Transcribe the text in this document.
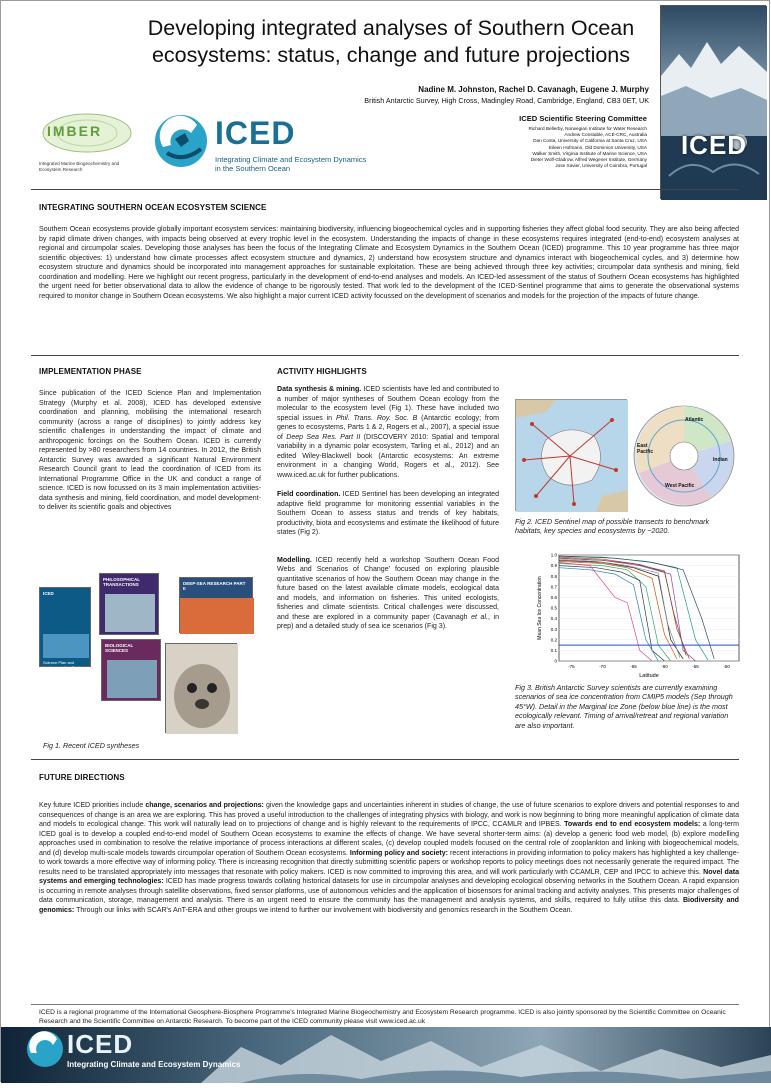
Developing integrated analyses of Southern Ocean
ecosystems: status, change and future projections
Nadine M. Johnston, Rachel D. Cavanagh, Eugene J. Murphy
British Antarctic Survey, High Cross, Madingley Road, Cambridge, England, CB3 0ET, UK
ICED
IMBER
Integrated Marine Biogeochemistry and
Ecosystem Research
ICED
Integrating Climate and Ecosystem Dynamics
in the Southern Ocean
ICED Scientific Steering Committee
Richard Bellerby, Norwegian Institute for Water Research
Andrew Constable, ACE-CRC, Australia
Dan Costa, University of California at Santa Cruz, USA
Eileen Hofmann, Old Dominion University, USA
Walker Smith, Virginia Institute of Marine Science, USA
Dieter Wolf-Gladrow, Alfred Wegener Institute, Germany
Jose Xavier, University of Coimbra, Portugal
INTEGRATING SOUTHERN OCEAN ECOSYSTEM SCIENCE
Southern Ocean ecosystems provide globally important ecosystem services: maintaining biodiversity, influencing biogeochemical cycles and in supporting fisheries they affect global food security. They are also being affected by rapid climate driven changes, with impacts being observed at every trophic level in the ecosystem. Understanding the impacts of change in these ecosystems requires integrated (end-to-end) ecosystem analyses at regional and circumpolar scales. Developing those analyses has been the focus of the Integrating Climate and Ecosystem Dynamics in the Southern Ocean (ICED) programme. This 10 year programme has three major scientific objectives: 1) understand how climate processes affect ecosystem structure and dynamics, 2) understand how ecosystem structure and dynamics interact with biogeochemical cycles, and 3) determine how ecosystem structure and dynamics should be incorporated into management approaches for sustainable exploitation. These are being achieved through three key activities; circumpolar data synthesis and mining, field coordination and modelling. Here we highlight our recent progress, particularly in the development of end-to-end analyses and models. An ICED-led assessment of the status of Southern Ocean ecosystems has highlighted the urgent need for better observational data to allow the evidence of change to be rigorously tested. That work led to the development of the ICED-Sentinel programme that aims to generate the observational systems required to monitor change in Southern Ocean ecosystems. We also highlight a major current ICED activity focussed on the development of scenarios and models for the projection of the impacts of future change.
IMPLEMENTATION PHASE
Since publication of the ICED Science Plan and Implementation Strategy (Murphy et al. 2008), ICED has developed extensive coordination and planning, mobilising the international research community (across a range of disciplines) to jointly address key scientific challenges in understanding the impact of climate and anthropogenic forcings on the Southern Ocean. ICED is currently represented by >80 researchers from 14 countries. In 2012, the British Antarctic Survey was awarded a significant Natural Environment Research Council grant to lead the coordination of ICED from its International Programme Office in the UK and conduct a range of science. ICED is now focussed on its 3 main implementation activities- data synthesis and mining, field coordination, and model development- to deliver its scientific goals and objectives
ICED
Science Plan and Implementation Strategy
PHILOSOPHICAL TRANSACTIONS
BIOLOGICAL SCIENCES
DEEP-SEA RESEARCH PART II
Fig 1. Recent ICED syntheses
ACTIVITY HIGHLIGHTS

Data synthesis & mining. ICED scientists have led and contributed to a number of major syntheses of Southern Ocean ecology from the molecular to the ecosystem level (Fig 1). These have included two special issues in Phil. Trans. Roy. Soc. B (Antarctic ecology; from genes to ecosystems, Parts 1 & 2, Rogers et al., 2007), a special issue of Deep Sea Res. Part II (DISCOVERY 2010: Spatial and temporal variability in a dynamic polar ecosystem, Tarling et al., 2012) and an edited Wiley-Blackwell book (Antarctic ecosystems: An extreme environment in a changing World, Rogers et al., 2012). See www.iced.ac.uk for further publications.

Field coordination. ICED Sentinel has been developing an integrated adaptive field programme for monitoring essential variables in the Southern Ocean to assess status and trends of key habitats, productivity, biota and ecosystems and estimate the likelihood of future states (Fig 2).

Modelling. ICED recently held a workshop 'Southern Ocean Food Webs and Scenarios of Change' focused on exploring plausible quantitative scenarios of how the Southern Ocean may change in the future based on the latest available climate models, ecological data and models, and information on fisheries. This united ecologists, fisheries and climate scientists. Critical challenges were discussed, and these are explored in a community paper (Cavanagh et al., in prep) and a detailed study of sea ice scenarios (Fig 3).

Atlantic
East Pacific
Indian
West Pacific
Fig 2. ICED Sentinel map of possible transects to benchmark habitats, key species and ecosystems by ~2020.
1.0
0.9
0.8
0.7
0.6
0.5
0.4
0.3
0.2
0.1
0
-75	-70	-65	-60	-55	-50
Mean Sea Ice Concentration
Latitude
Fig 3. British Antarctic Survey scientists are currently examining scenarios of sea ice concentration from CMIP5 models (Sep through 45°W). Detail in the Marginal Ice Zone (below blue line) is the most ecologically relevant. Timing of arrival/retreat and regional variation are also important.
FUTURE DIRECTIONS
Key future ICED priorities include change, scenarios and projections: given the knowledge gaps and uncertainties inherent in studies of change, the use of future scenarios to explore drivers and potential responses to and consequences of change is an area we are exploring. This has proved a useful introduction to the challenges of integrating physics with biology, and work is now beginning to bring more meaningful application of climate data and models to ecological change. This work will naturally lead on to projections of change and is highly relevant to the requirements of IPCC, CCAMLR and IPBES. Towards end to end ecosystem models: a long-term ICED goal is to develop a coupled end-to-end model of Southern Ocean ecosystems to examine the effects of change. We have several shorter-term aims: (a) develop a generic food web model, (b) explore modelling approaches used in combination to resolve the relative importance of process interactions at different scales, (c) develop coupled models focused on the central role of zooplankton and linking with biogeochemical models, and (d) develop multi-scale models towards circumpolar operation of Southern Ocean ecosystems. Informing policy and society: recent interactions in providing information to policy makers has highlighted a key challenge- to work towards a more effective way of informing policy. There is increasing recognition that directly submitting scientific papers or workshop reports to policy meetings does not necessarily generate the required impact. The results need to be translated appropriately into messages that resonate with policy makers. ICED is now committed to improving this area, and will work particularly with CCAMLR, CEP and IPCC to achieve this. Novel data systems and emerging technologies: ICED has made progress towards collating historical datasets for use in circumpolar analyses and developing ecological observing networks in the Southern Ocean. A rapid expansion is occurring in remote analyses through satellite observations, fixed sensor platforms, use of autonomous vehicles and the application of biosensors for animal tracking and activity analyses. This presents major challenges of data communication, storage, management and analysis. There is an urgent need to ensure the community has the management and analysis systems, and skills, required to fully utilise this data. Biodiversity and genomics: Through our links with SCAR's AnT-ERA and other groups we intend to further our involvement with biodiversity and genomics research in the Southern Ocean.
ICED is a regional programme of the International Geosphere-Biosphere Programme's Integrated Marine Biogeochemistry and Ecosystem Research programme. ICED is also jointly sponsored by the Scientific Committee on Oceanic Research and the Scientific Committee on Antarctic Research. To become part of the ICED community please visit www.iced.ac.uk
ICED
Integrating Climate and Ecosystem Dynamics
